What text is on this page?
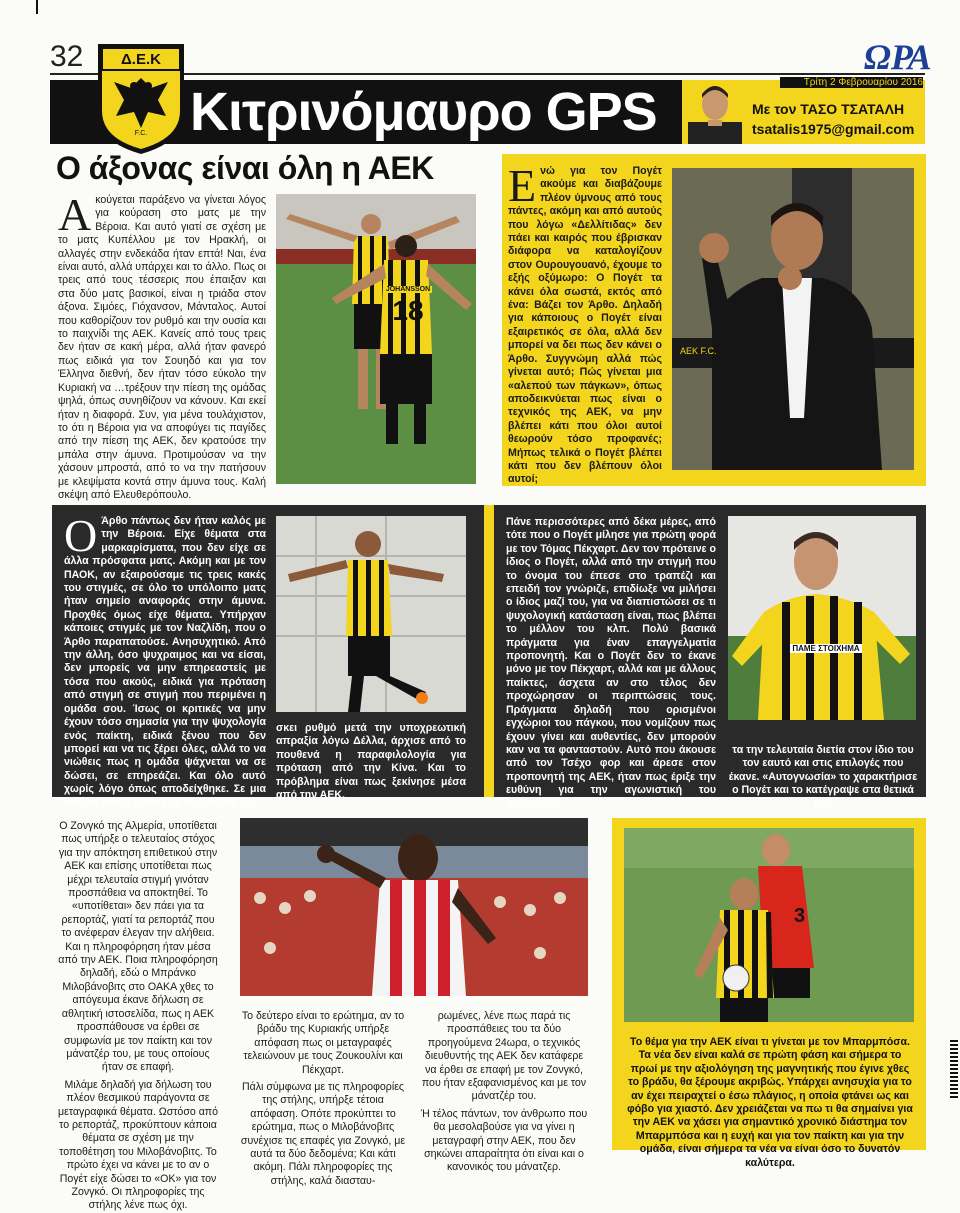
32
Κιτρινόμαυρο GPS	Με τον ΤΑΣΟ ΤΣΑΤΑΛΗ
tsatalis1975@gmail.com
ΩΡΑ
Τρίτη 2 Φεβρουαρίου 2016
Δ.Ε.Κ
F.C.
Ο άξονας είναι όλη η ΑΕΚ
Α κούγεται παράξενο να γίνεται λόγος για κούραση στο ματς με την Βέροια. Και αυτό γιατί σε σχέση με το ματς Κυπέλλου με τον Ηρακλή, οι αλλαγές στην ενδεκάδα ήταν επτά! Ναι, ένα είναι αυτό, αλλά υπάρχει και το άλλο. Πως οι τρεις από τους τέσσερις που έπαιξαν και στα δύο ματς βασικοί, είναι η τριάδα στον άξονα. Σιμόες, Γιόχανσον, Μάνταλος. Αυτοί που καθορίζουν τον ρυθμό και την ουσία και το παιχνίδι της ΑΕΚ. Κανείς από τους τρεις δεν ήταν σε κακή μέρα, αλλά ήταν φανερό πως ειδικά για τον Σουηδό και για τον Έλληνα διεθνή, δεν ήταν τόσο εύκολο την Κυριακή να …τρέξουν την πίεση της ομάδας ψηλά, όπως συνηθίζουν να κάνουν. Και εκεί ήταν η διαφορά. Συν, για μένα τουλάχιστον, το ότι η Βέροια για να αποφύγει τις παγίδες από την πίεση της ΑΕΚ, δεν κρατούσε την μπάλα στην άμυνα. Προτιμούσαν να την χάσουν μπροστά, από το να την πατήσουν με κλεψίματα κοντά στην άμυνα τους. Καλή σκέψη από Ελευθερόπουλο.
JOHANSSON
18
Ε νώ για τον Πογέτ ακούμε και διαβάζουμε πλέον ύμνους από τους πάντες, ακόμη και από αυτούς που λόγω «Δελλίτιδας» δεν πάει και καιρός που έβρισκαν διάφορα να καταλογίζουν στον Ουρουγουανό, έχουμε το εξής οξύμωρο: Ο Πογέτ τα κάνει όλα σωστά, εκτός από ένα: Βάζει τον Άρθο. Δηλαδή για κάποιους ο Πογέτ είναι εξαιρετικός σε όλα, αλλά δεν μπορεί να δει πως δεν κάνει ο Άρθο. Συγγνώμη αλλά πώς γίνεται αυτό; Πώς γίνεται μια «αλεπού των πάγκων», όπως αποδεικνύεται πως είναι ο τεχνικός της ΑΕΚ, να μην βλέπει κάτι που όλοι αυτοί θεωρούν τόσο προφανές; Μήπως τελικά ο Πογέτ βλέπει κάτι που δεν βλέπουν όλοι αυτοί;
AEK F.C.
Ο Άρθο πάντως δεν ήταν καλός με την Βέροια. Είχε θέματα στα μαρκαρίσματα, που δεν είχε σε άλλα πρόσφατα ματς. Ακόμη και με τον ΠΑΟΚ, αν εξαιρούσαμε τις τρεις κακές του στιγμές, σε όλο το υπόλοιπο ματς ήταν σημείο αναφοράς στην άμυνα. Προχθές όμως είχε θέματα. Υπήρχαν κάποιες στιγμές με τον Ναζλίδη, που ο Άρθο παραπατούσε. Ανησυχητικό. Από την άλλη, όσο ψυχραιμος και να είσαι, δεν μπορείς να μην επηρεαστείς με τόσα που ακούς, ειδικά για πρόταση από στιγμή σε στιγμή που περιμένει η ομάδα σου. Ίσως οι κριτικές να μην έχουν τόσο σημασία για την ψυχολογία ενός παίκτη, ειδικά ξένου που δεν μπορεί και να τις ξέρει όλες, αλλά το να νιώθεις πως η ομάδα ψάχνεται να σε δώσει, σε επηρεάζει. Και όλο αυτό χωρίς λόγο όπως αποδείχθηκε. Σε μια στιγμή που ο Άρθο είχε αρχίσει να βρι-
σκει ρυθμό μετά την υποχρεωτική απραξία λόγω Δέλλα, άρχισε από το πουθενά η παραφιλολογία για πρόταση από την Κίνα. Και το πρόβλημα είναι πως ξεκίνησε μέσα από την ΑΕΚ.
Πάνε περισσότερες από δέκα μέρες, από τότε που ο Πογέτ μίλησε για πρώτη φορά με τον Τόμας Πέκχαρτ. Δεν τον πρότεινε ο ίδιος ο Πογέτ, αλλά από την στιγμή που το όνομα του έπεσε στο τραπέζι και επειδή τον γνώριζε, επιδίωξε να μιλήσει ο ίδιος μαζί του, για να διαπιστώσει σε τι ψυχολογική κατάσταση είναι, πως βλέπει το μέλλον του κλπ. Πολύ βασικά πράγματα για έναν επαγγελματία προπονητή. Και ο Πογέτ δεν το έκανε μόνο με τον Πέκχαρτ, αλλά και με άλλους παίκτες, άσχετα αν στο τέλος δεν προχώρησαν οι περιπτώσεις τους. Πράγματα δηλαδή που ορισμένοι εγχώριοι του πάγκου, που νομίζουν πως έχουν γίνει και αυθεντίες, δεν μπορούν καν να τα φανταστούν. Αυτό που άκουσε από τον Τσέχο φορ και άρεσε στον προπονητή της ΑΕΚ, ήταν πως έριξε την ευθύνη για την αγωνιστική του στασιμότη-
ΠΑΜΕ ΣΤΟΙΧΗΜΑ
τα την τελευταία διετία στον ίδιο του τον εαυτό και στις επιλογές που έκανε. «Αυτογνωσία» το χαρακτήρισε ο Πογέτ και το κατέγραψε στα θετικά του.
Ο Ζονγκό της Αλμερία, υποτίθεται πως υπήρξε ο τελευταίος στόχος για την απόκτηση επιθετικού στην ΑΕΚ και επίσης υποτίθεται πως μέχρι τελευταία στιγμή γινόταν προσπάθεια να αποκτηθεί. Το «υποτίθεται» δεν πάει για τα ρεπορτάζ, γιατί τα ρεπορτάζ που το ανέφεραν έλεγαν την αλήθεια. Και η πληροφόρηση ήταν μέσα από την ΑΕΚ. Ποια πληροφόρηση δηλαδή, εδώ ο Μπράνκο Μιλοβάνοβιτς στο ΟΑΚΑ χθες το απόγευμα έκανε δήλωση σε αθλητική ιστοσελίδα, πως η ΑΕΚ προσπάθουσε να έρθει σε συμφωνία με τον παίκτη και τον μάνατζέρ του, με τους οποίους ήταν σε επαφή.
Μιλάμε δηλαδή για δήλωση του πλέον θεσμικού παράγοντα σε μεταγραφικά θέματα. Ωστόσο από το ρεπορτάζ, προκύπτουν κάποια θέματα σε σχέση με την τοποθέτηση του Μιλοβάνοβιτς. Το πρώτο έχει να κάνει με το αν ο Πογέτ είχε δώσει το «ΟΚ» για τον Ζονγκό. Οι πληροφορίες της στήλης λένε πως όχι.
Το δεύτερο είναι το ερώτημα, αν το βράδυ της Κυριακής υπήρξε απόφαση πως οι μεταγραφές τελειώνουν με τους Ζουκουλίνι και Πέκχαρτ.
Πάλι σύμφωνα με τις πληροφορίες της στήλης, υπήρξε τέτοια απόφαση. Οπότε προκύπτει το ερώτημα, πως ο Μιλοβάνοβιτς συνέχισε τις επαφές για Ζονγκό, με αυτά τα δύο δεδομένα; Και κάτι ακόμη. Πάλι πληροφορίες της στήλης, καλά διασταυ-
ρωμένες, λένε πως παρά τις προσπάθειες του τα δύο προηγούμενα 24ωρα, ο τεχνικός διευθυντής της ΑΕΚ δεν κατάφερε να έρθει σε επαφή με τον Ζονγκό, που ήταν εξαφανισμένος και με τον μάνατζέρ του.
Ή τέλος πάντων, τον άνθρωπο που θα μεσολαβούσε για να γίνει η μεταγραφή στην ΑΕΚ, που δεν σηκώνει απαραίτητα ότι είναι και ο κανονικός του μάνατζερ.
3
Το θέμα για την ΑΕΚ είναι τι γίνεται με τον Μπαρμπόσα. Τα νέα δεν είναι καλά σε πρώτη φάση και σήμερα το πρωί με την αξιολόγηση της μαγνητικής που έγινε χθες το βράδυ, θα ξέρουμε ακριβώς. Υπάρχει ανησυχία για το αν έχει πειραχτεί ο έσω πλάγιος, η οποία φτάνει ως και φόβο για χιαστό. Δεν χρειάζεται να πω τι θα σημαίνει για την ΑΕΚ να χάσει για σημαντικό χρονικό διάστημα τον Μπαρμπόσα και η ευχή και για τον παίκτη και για την ομάδα, είναι σήμερα τα νέα να είναι όσο το δυνατόν καλύτερα.
